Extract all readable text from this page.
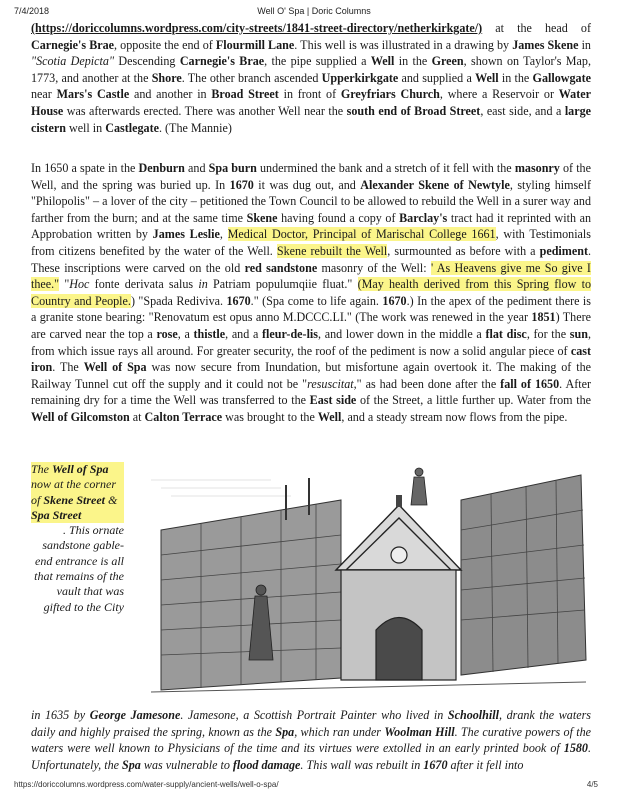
7/4/2018	Well O' Spa | Doric Columns

(https://doriccolumns.wordpress.com/city-streets/1841-street-directory/netherkirkgate/) at the head of Carnegie's Brae, opposite the end of Flourmill Lane. This well is was illustrated in a drawing by James Skene in "Scotia Depicta" Descending Carnegie's Brae, the pipe supplied a Well in the Green, shown on Taylor's Map, 1773, and another at the Shore. The other branch ascended Upperkirkgate and supplied a Well in the Gallowgate near Mars's Castle and another in Broad Street in front of Greyfriars Church, where a Reservoir or Water House was afterwards erected. There was another Well near the south end of Broad Street, east side, and a large cistern well in Castlegate. (The Mannie)

In 1650 a spate in the Denburn and Spa burn undermined the bank and a stretch of it fell with the masonry of the Well, and the spring was buried up. In 1670 it was dug out, and Alexander Skene of Newtyle, styling himself "Philopolis" – a lover of the city – petitioned the Town Council to be allowed to rebuild the Well in a surer way and farther from the burn; and at the same time Skene having found a copy of Barclay's tract had it reprinted with an Approbation written by James Leslie, Medical Doctor, Principal of Marischal College 1661, with Testimonials from citizens benefited by the water of the Well. Skene rebuilt the Well, surmounted as before with a pediment. These inscriptions were carved on the old red sandstone masonry of the Well: ' As Heavens give me So give I thee." "Hoc fonte derivata salus in Patriam populumqiie fluat." (May health derived from this Spring flow to Country and People.) "Spada Rediviva. 1670." (Spa come to life again. 1670.) In the apex of the pediment there is a granite stone bearing: "Renovatum est opus anno M.DCCC.LI." (The work was renewed in the year 1851) There are carved near the top a rose, a thistle, and a fleur-de-lis, and lower down in the middle a flat disc, for the sun, from which issue rays all around. For greater security, the roof of the pediment is now a solid angular piece of cast iron. The Well of Spa was now secure from Inundation, but misfortune again overtook it. The making of the Railway Tunnel cut off the supply and it could not be "resuscitat," as had been done after the fall of 1650. After remaining dry for a time the Well was transferred to the East side of the Street, a little further up. Water from the Well of Gilcomston at Calton Terrace was brought to the Well, and a steady stream now flows from the pipe.

The Well of Spa now at the corner of Skene Street & Spa Street
. This ornate sandstone gable-end entrance is all that remains of the vault that was gifted to the City

in 1635 by George Jamesone. Jamesone, a Scottish Portrait Painter who lived in Schoolhill, drank the waters daily and highly praised the spring, known as the Spa, which ran under Woolman Hill. The curative powers of the waters were well known to Physicians of the time and its virtues were extolled in an early printed book of 1580. Unfortunately, the Spa was vulnerable to flood damage. This wall was rebuilt in 1670 after it fell into

https://doriccolumns.wordpress.com/water-supply/ancient-wells/well-o-spa/	4/5
